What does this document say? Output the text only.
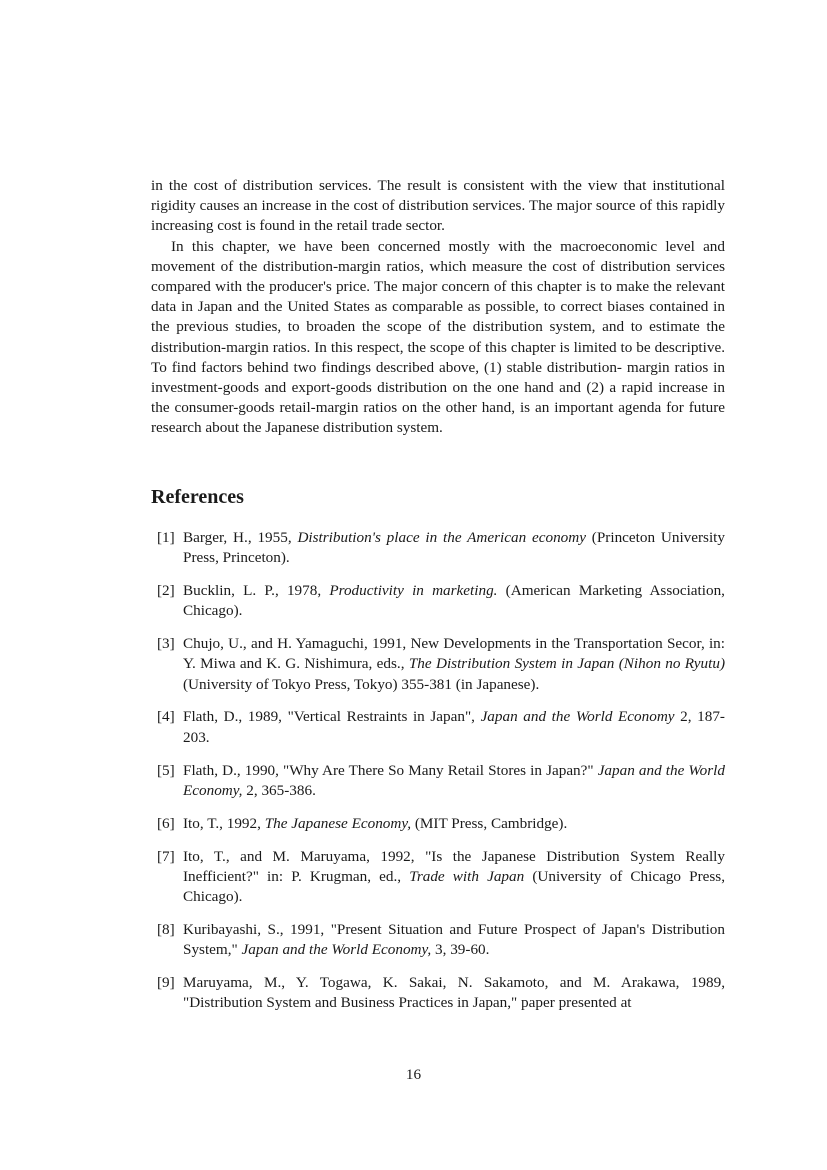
in the cost of distribution services. The result is consistent with the view that institutional rigidity causes an increase in the cost of distribution services. The major source of this rapidly increasing cost is found in the retail trade sector.

In this chapter, we have been concerned mostly with the macroeconomic level and movement of the distribution-margin ratios, which measure the cost of distribution services compared with the producer's price. The major concern of this chapter is to make the relevant data in Japan and the United States as comparable as possible, to correct biases contained in the previous studies, to broaden the scope of the distribution system, and to estimate the distribution-margin ratios. In this respect, the scope of this chapter is limited to be descriptive. To find factors behind two findings described above, (1) stable distribution- margin ratios in investment-goods and export-goods distribution on the one hand and (2) a rapid increase in the consumer-goods retail-margin ratios on the other hand, is an important agenda for future research about the Japanese distribution system.

References
[1] Barger, H., 1955, Distribution's place in the American economy (Princeton University Press, Princeton).
[2] Bucklin, L. P., 1978, Productivity in marketing. (American Marketing Association, Chicago).
[3] Chujo, U., and H. Yamaguchi, 1991, New Developments in the Transportation Secor, in: Y. Miwa and K. G. Nishimura, eds., The Distribution System in Japan (Nihon no Ryutu) (University of Tokyo Press, Tokyo) 355-381 (in Japanese).
[4] Flath, D., 1989, "Vertical Restraints in Japan", Japan and the World Economy 2, 187-203.
[5] Flath, D., 1990, "Why Are There So Many Retail Stores in Japan?" Japan and the World Economy, 2, 365-386.
[6] Ito, T., 1992, The Japanese Economy, (MIT Press, Cambridge).
[7] Ito, T., and M. Maruyama, 1992, "Is the Japanese Distribution System Really Inefficient?" in: P. Krugman, ed., Trade with Japan (University of Chicago Press, Chicago).
[8] Kuribayashi, S., 1991, "Present Situation and Future Prospect of Japan's Distribution System," Japan and the World Economy, 3, 39-60.
[9] Maruyama, M., Y. Togawa, K. Sakai, N. Sakamoto, and M. Arakawa, 1989, "Distribution System and Business Practices in Japan," paper presented at
16
